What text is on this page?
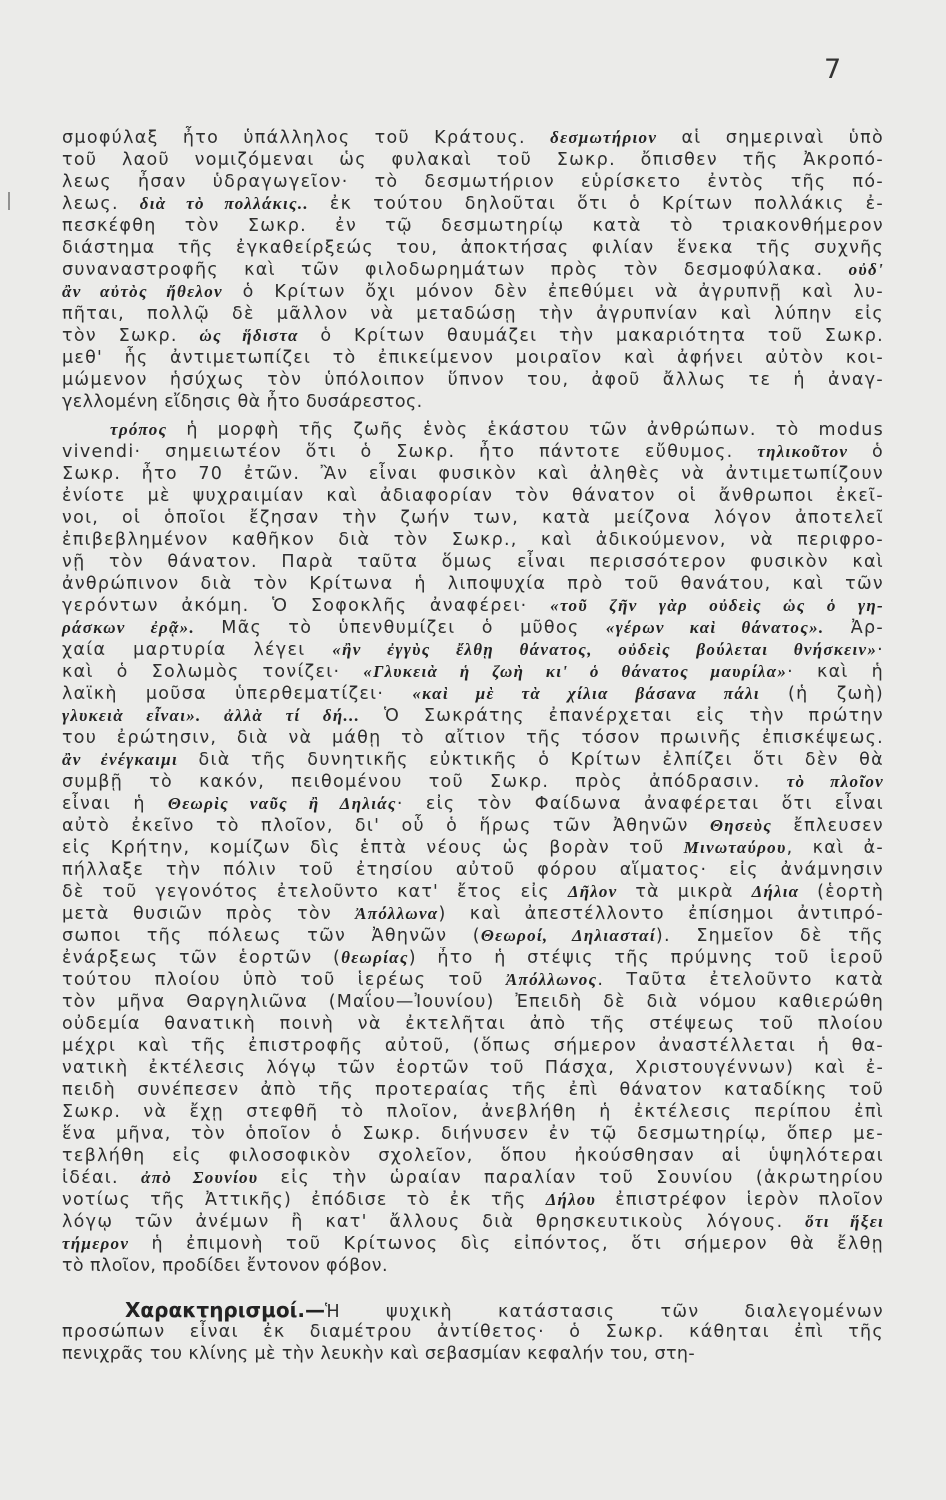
7
σμοφύλαξ ἦτο ὑπάλληλος τοῦ Κράτους. δεσμωτήριον αἱ σημεριναὶ ὑπὸ
τοῦ λαοῦ νομιζόμεναι ὡς φυλακαὶ τοῦ Σωκρ. ὄπισθεν τῆς Ἀκροπό-
λεως ἦσαν ὑδραγωγεῖον· τὸ δεσμωτήριον εὑρίσκετο ἐντὸς τῆς πό-
λεως. διὰ τὸ πολλάκις.. ἐκ τούτου δηλοῦται ὅτι ὁ Κρίτων πολλάκις ἐ-
πεσκέφθη τὸν Σωκρ. ἐν τῷ δεσμωτηρίῳ κατὰ τὸ τριακονθήμερον
διάστημα τῆς ἐγκαθείρξεώς του, ἀποκτήσας φιλίαν ἕνεκα τῆς συχνῆς
συναναστροφῆς καὶ τῶν φιλοδωρημάτων πρὸς τὸν δεσμοφύλακα. οὐδ'
ἂν αὐτὸς ἤθελον ὁ Κρίτων ὄχι μόνον δὲν ἐπεθύμει νὰ ἀγρυπνῇ καὶ λυ-
πῆται, πολλῷ δὲ μᾶλλον νὰ μεταδώσῃ τὴν ἀγρυπνίαν καὶ λύπην εἰς
τὸν Σωκρ. ὡς ἥδιστα ὁ Κρίτων θαυμάζει τὴν μακαριότητα τοῦ Σωκρ.
μεθ' ἧς ἀντιμετωπίζει τὸ ἐπικείμενον μοιραῖον καὶ ἀφήνει αὐτὸν κοι-
μώμενον ἡσύχως τὸν ὑπόλοιπον ὕπνον του, ἀφοῦ ἄλλως τε ἡ ἀναγ-
γελλομένη εἴδησις θὰ ἦτο δυσάρεστος.
τρόπος ἡ μορφὴ τῆς ζωῆς ἑνὸς ἑκάστου τῶν ἀνθρώπων. τὸ modus
vivendi· σημειωτέον ὅτι ὁ Σωκρ. ἦτο πάντοτε εὔθυμος. τηλικοῦτον ὁ
Σωκρ. ἦτο 70 ἐτῶν. Ἂν εἶναι φυσικὸν καὶ ἀληθὲς νὰ ἀντιμετωπίζουν
ἐνίοτε μὲ ψυχραιμίαν καὶ ἀδιαφορίαν τὸν θάνατον οἱ ἄνθρωποι ἐκεῖ-
νοι, οἱ ὁποῖοι ἔζησαν τὴν ζωήν των, κατὰ μείζονα λόγον ἀποτελεῖ
ἐπιβεβλημένον καθῆκον διὰ τὸν Σωκρ., καὶ ἀδικούμενον, νὰ περιφρο-
νῇ τὸν θάνατον. Παρὰ ταῦτα ὅμως εἶναι περισσότερον φυσικὸν καὶ
ἀνθρώπινον διὰ τὸν Κρίτωνα ἡ λιποψυχία πρὸ τοῦ θανάτου, καὶ τῶν
γερόντων ἀκόμη. Ὁ Σοφοκλῆς ἀναφέρει· «τοῦ ζῆν γὰρ οὐδεὶς ὡς ὁ γη-
ράσκων ἐρᾷ». Μᾶς τὸ ὑπενθυμίζει ὁ μῦθος «γέρων καὶ θάνατος». Ἀρ-
χαία μαρτυρία λέγει «ἢν ἐγγὺς ἔλθῃ θάνατος, οὐδεὶς βούλεται θνήσκειν»·
καὶ ὁ Σολωμὸς τονίζει· «Γλυκειὰ ἡ ζωὴ κι' ὁ θάνατος μαυρίλα»· καὶ ἡ
λαϊκὴ μοῦσα ὑπερθεματίζει· «καὶ μὲ τὰ χίλια βάσανα πάλι (ἡ ζωὴ)
γλυκειὰ εἶναι». ἀλλὰ τί δή... Ὁ Σωκράτης ἐπανέρχεται εἰς τὴν πρώτην
του ἐρώτησιν, διὰ νὰ μάθῃ τὸ αἴτιον τῆς τόσον πρωινῆς ἐπισκέψεως.
ἂν ἐνέγκαιμι διὰ τῆς δυνητικῆς εὐκτικῆς ὁ Κρίτων ἐλπίζει ὅτι δὲν θὰ
συμβῇ τὸ κακόν, πειθομένου τοῦ Σωκρ. πρὸς ἀπόδρασιν. τὸ πλοῖον
εἶναι ἡ Θεωρὶς ναῦς ἢ Δηλιάς· εἰς τὸν Φαίδωνα ἀναφέρεται ὅτι εἶναι
αὐτὸ ἐκεῖνο τὸ πλοῖον, δι' οὗ ὁ ἥρως τῶν Ἀθηνῶν Θησεὺς ἔπλευσεν
εἰς Κρήτην, κομίζων δὶς ἑπτὰ νέους ὡς βορὰν τοῦ Μινωταύρου, καὶ ἀ-
πήλλαξε τὴν πόλιν τοῦ ἐτησίου αὐτοῦ φόρου αἵματος· εἰς ἀνάμνησιν
δὲ τοῦ γεγονότος ἐτελοῦντο κατ' ἔτος εἰς Δῆλον τὰ μικρὰ Δήλια (ἑορτὴ
μετὰ θυσιῶν πρὸς τὸν Ἀπόλλωνα) καὶ ἀπεστέλλοντο ἐπίσημοι ἀντιπρό-
σωποι τῆς πόλεως τῶν Ἀθηνῶν (Θεωροί, Δηλιασταί). Σημεῖον δὲ τῆς
ἐνάρξεως τῶν ἑορτῶν (θεωρίας) ἦτο ἡ στέψις τῆς πρύμνης τοῦ ἱεροῦ
τούτου πλοίου ὑπὸ τοῦ ἱερέως τοῦ Ἀπόλλωνος. Ταῦτα ἐτελοῦντο κατὰ
τὸν μῆνα Θαργηλιῶνα (Μαΐου—Ἰουνίου) Ἐπειδὴ δὲ διὰ νόμου καθιερώθη
οὐδεμία θανατικὴ ποινὴ νὰ ἐκτελῆται ἀπὸ τῆς στέψεως τοῦ πλοίου
μέχρι καὶ τῆς ἐπιστροφῆς αὐτοῦ, (ὅπως σήμερον ἀναστέλλεται ἡ θα-
νατικὴ ἐκτέλεσις λόγῳ τῶν ἑορτῶν τοῦ Πάσχα, Χριστουγέννων) καὶ ἐ-
πειδὴ συνέπεσεν ἀπὸ τῆς προτεραίας τῆς ἐπὶ θάνατον καταδίκης τοῦ
Σωκρ. νὰ ἔχῃ στεφθῆ τὸ πλοῖον, ἀνεβλήθη ἡ ἐκτέλεσις περίπου ἐπὶ
ἕνα μῆνα, τὸν ὁποῖον ὁ Σωκρ. διήνυσεν ἐν τῷ δεσμωτηρίῳ, ὅπερ με-
τεβλήθη εἰς φιλοσοφικὸν σχολεῖον, ὅπου ἠκούσθησαν αἱ ὑψηλότεραι
ἰδέαι. ἀπὸ Σουνίου εἰς τὴν ὡραίαν παραλίαν τοῦ Σουνίου (ἀκρωτηρίου
νοτίως τῆς Ἀττικῆς) ἐπόδισε τὸ ἐκ τῆς Δήλου ἐπιστρέφον ἱερὸν πλοῖον
λόγῳ τῶν ἀνέμων ἢ κατ' ἄλλους διὰ θρησκευτικοὺς λόγους. ὅτι ἥξει
τήμερον ἡ ἐπιμονὴ τοῦ Κρίτωνος δὶς εἰπόντος, ὅτι σήμερον θὰ ἔλθῃ
τὸ πλοῖον, προδίδει ἔντονον φόβον.
Χαρακτηρισμοί.—Ἡ ψυχικὴ κατάστασις τῶν διαλεγομένων
προσώπων εἶναι ἐκ διαμέτρου ἀντίθετος· ὁ Σωκρ. κάθηται ἐπὶ τῆς
πενιχρᾶς του κλίνης μὲ τὴν λευκὴν καὶ σεβασμίαν κεφαλήν του, στη-
